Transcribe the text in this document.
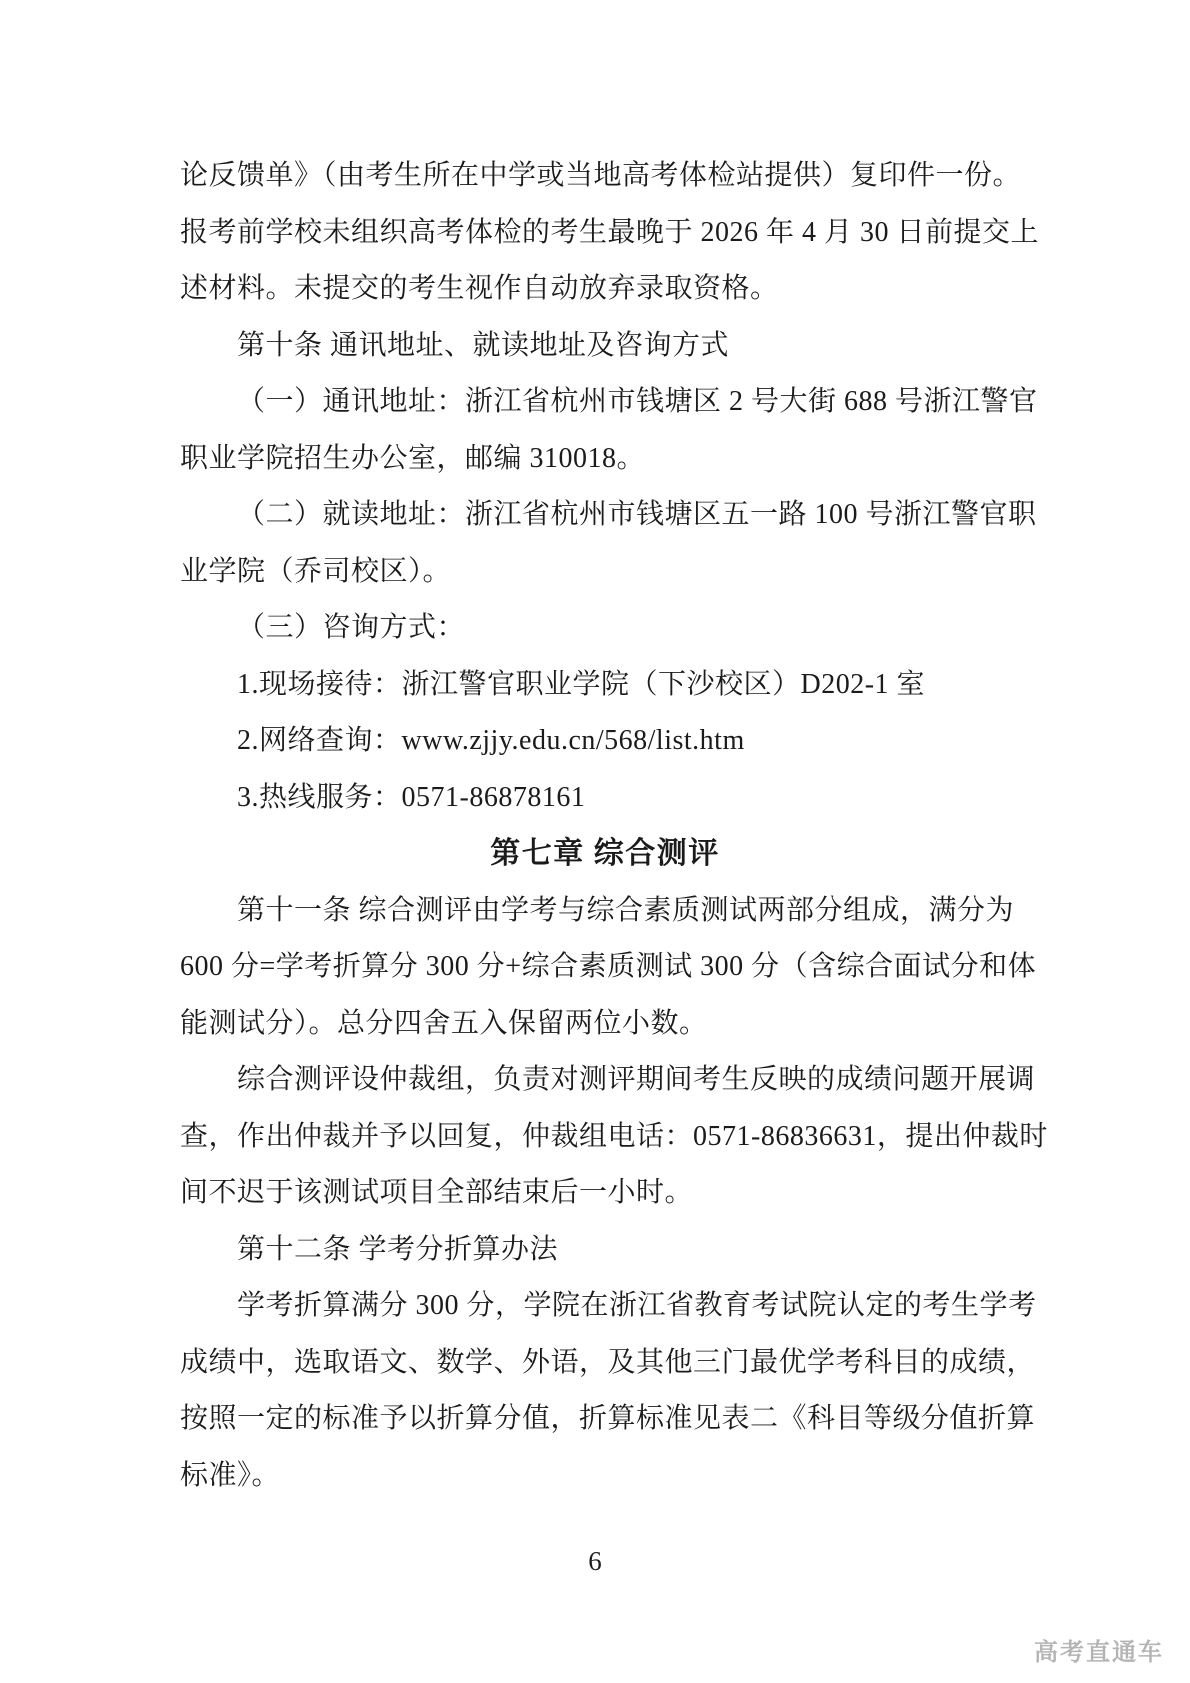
论反馈单》（由考生所在中学或当地高考体检站提供）复印件一份。
报考前学校未组织高考体检的考生最晚于 2026 年 4 月 30 日前提交上
述材料。未提交的考生视作自动放弃录取资格。
第十条 通讯地址、就读地址及咨询方式
（一）通讯地址：浙江省杭州市钱塘区 2 号大街 688 号浙江警官
职业学院招生办公室，邮编 310018。
（二）就读地址：浙江省杭州市钱塘区五一路 100 号浙江警官职
业学院（乔司校区）。
（三）咨询方式：
1.现场接待：浙江警官职业学院（下沙校区）D202-1 室
2.网络查询：www.zjjy.edu.cn/568/list.htm
3.热线服务：0571-86878161
第七章 综合测评
第十一条 综合测评由学考与综合素质测试两部分组成，满分为
600 分=学考折算分 300 分+综合素质测试 300 分（含综合面试分和体
能测试分）。总分四舍五入保留两位小数。
综合测评设仲裁组，负责对测评期间考生反映的成绩问题开展调
查，作出仲裁并予以回复，仲裁组电话：0571-86836631，提出仲裁时
间不迟于该测试项目全部结束后一小时。
第十二条 学考分折算办法
学考折算满分 300 分，学院在浙江省教育考试院认定的考生学考
成绩中，选取语文、数学、外语，及其他三门最优学考科目的成绩，
按照一定的标准予以折算分值，折算标准见表二《科目等级分值折算
标准》。
6
高考直通车
